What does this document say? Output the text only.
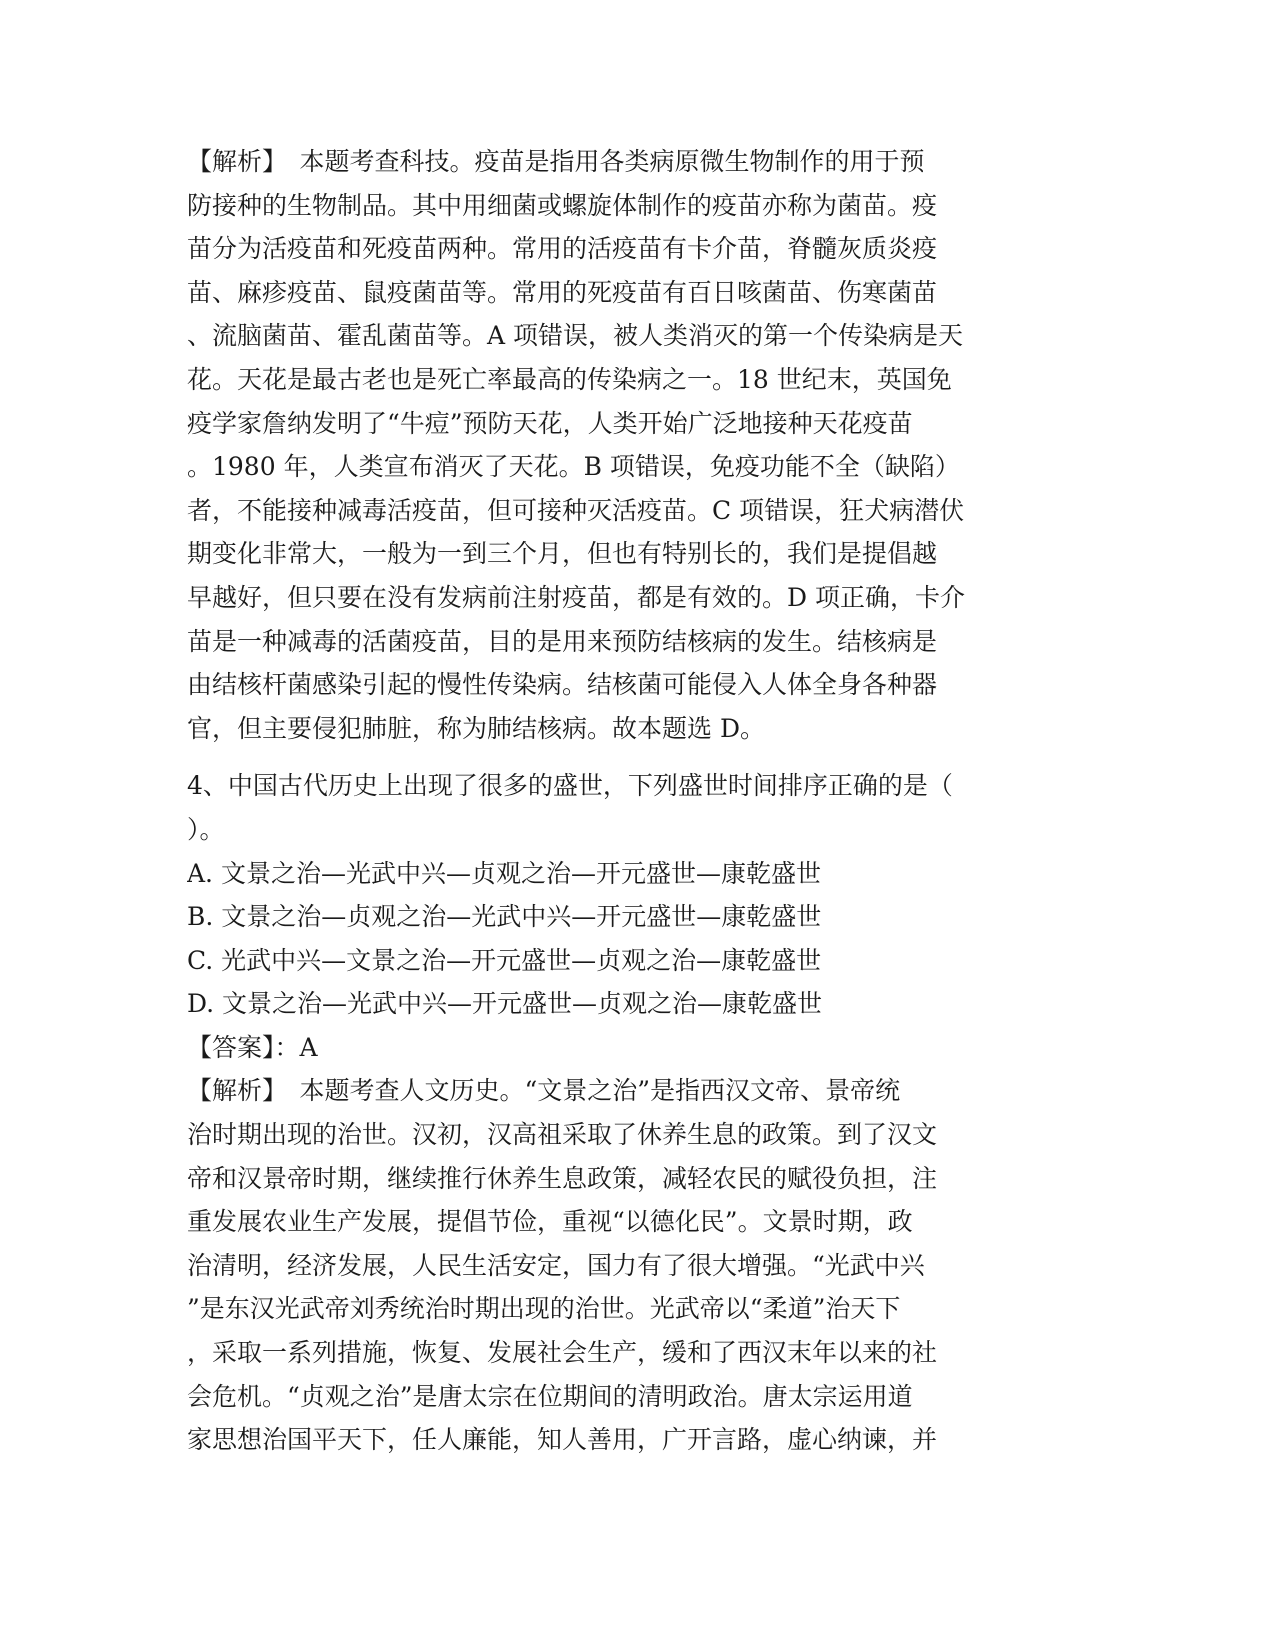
【解析】　本题考查科技。疫苗是指用各类病原微生物制作的用于预
防接种的生物制品。其中用细菌或螺旋体制作的疫苗亦称为菌苗。疫
苗分为活疫苗和死疫苗两种。常用的活疫苗有卡介苗，脊髓灰质炎疫
苗、麻疹疫苗、鼠疫菌苗等。常用的死疫苗有百日咳菌苗、伤寒菌苗
、流脑菌苗、霍乱菌苗等。A 项错误，被人类消灭的第一个传染病是天
花。天花是最古老也是死亡率最高的传染病之一。18 世纪末，英国免
疫学家詹纳发明了“牛痘”预防天花，人类开始广泛地接种天花疫苗
。1980 年，人类宣布消灭了天花。B 项错误，免疫功能不全（缺陷）
者，不能接种减毒活疫苗，但可接种灭活疫苗。C 项错误，狂犬病潜伏
期变化非常大，一般为一到三个月，但也有特别长的，我们是提倡越
早越好，但只要在没有发病前注射疫苗，都是有效的。D 项正确，卡介
苗是一种减毒的活菌疫苗，目的是用来预防结核病的发生。结核病是
由结核杆菌感染引起的慢性传染病。结核菌可能侵入人体全身各种器
官，但主要侵犯肺脏，称为肺结核病。故本题选 D。
4、中国古代历史上出现了很多的盛世，下列盛世时间排序正确的是（
）。
A. 文景之治—光武中兴—贞观之治—开元盛世—康乾盛世
B. 文景之治—贞观之治—光武中兴—开元盛世—康乾盛世
C. 光武中兴—文景之治—开元盛世—贞观之治—康乾盛世
D. 文景之治—光武中兴—开元盛世—贞观之治—康乾盛世
【答案】：A
【解析】　本题考查人文历史。“文景之治”是指西汉文帝、景帝统
治时期出现的治世。汉初，汉高祖采取了休养生息的政策。到了汉文
帝和汉景帝时期，继续推行休养生息政策，减轻农民的赋役负担，注
重发展农业生产发展，提倡节俭，重视“以德化民”。文景时期，政
治清明，经济发展，人民生活安定，国力有了很大增强。“光武中兴
”是东汉光武帝刘秀统治时期出现的治世。光武帝以“柔道”治天下
，采取一系列措施，恢复、发展社会生产，缓和了西汉末年以来的社
会危机。“贞观之治”是唐太宗在位期间的清明政治。唐太宗运用道
家思想治国平天下，任人廉能，知人善用，广开言路，虚心纳谏，并
